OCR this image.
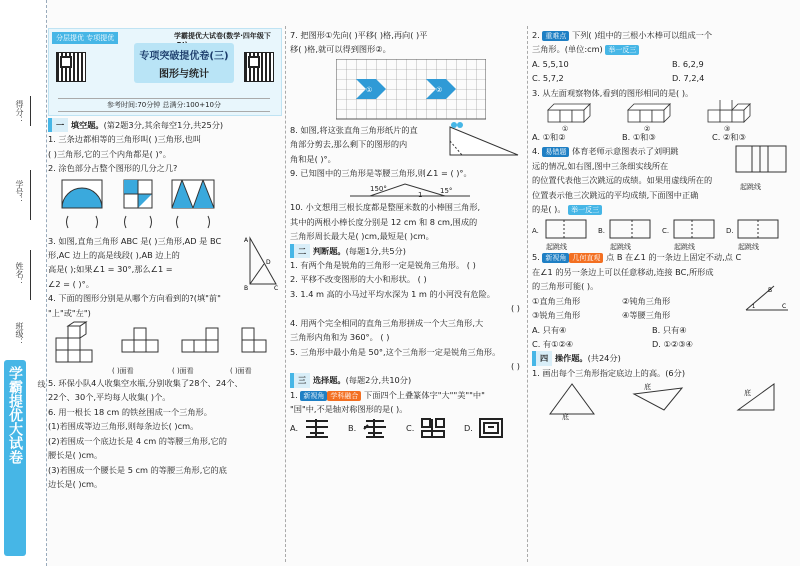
得分：
学号：
姓名：
班级：
线
学霸提优大试卷
分层提优 专项提优	学霸提优大试卷(数学·四年级下
专项突破提优卷(三)
图形与统计
参考时间:70分钟 总满分:100+10分
一 填空题。(第2题3分,其余每空1分,共25分)
1. 三条边都相等的三角形叫( )三角形,也叫
( )三角形,它的三个内角都是( )°。
2. 涂色部分占整个图形的几分之几?
3. 如图,直角三角形 ABC 是( )三角形,AD 是 BC
形,AC 边上的高是线段( ),AB 边上的
高是( );如果∠1 = 30°,那么∠1 =
∠2 = ( )°。
A
B	C
D
4. 下面的图形分别是从哪个方向看到的?(填"前"
"上"或"左")
( )面看	( )面看	( )面看
5. 环保小队4人收集空水瓶,分别收集了28个、24个、
22个、30个,平均每人收集( )个。
6. 用一根长 18 cm 的铁丝围成一个三角形。
(1)若围成等边三角形,则每条边长( )cm。
(2)若围成一个底边长是 4 cm 的等腰三角形,它的
腰长是( )cm。
(3)若围成一个腰长是 5 cm 的等腰三角形,它的底
边长是( )cm。
7. 把图形①先向( )平移( )格,再向( )平
移( )格,就可以得到图形②。
①	②
8. 如图,将这张直角三角形纸片的直
角部分剪去,那么剩下的图形的内
角和是( )°。
9. 已知图中的三角形是等腰三角形,则∠1 = ( )°。
150°
1	15°
10. 小文想用三根长度都是整厘米数的小棒围三角形,
其中的两根小棒长度分别是 12 cm 和 8 cm,围成的
三角形周长最大是( )cm,最短是( )cm。
二 判断题。(每题1分,共5分)
1. 有两个角是锐角的三角形一定是锐角三角形。 ( )
2. 平移不改变图形的大小和形状。 ( )
3. 1.4 m 高的小马过平均水深为 1 m 的小河没有危险。
( )
4. 用两个完全相同的直角三角形拼成一个大三角形,大
三角形内角和为 360°。 ( )
5. 三角形中最小角是 50°,这个三角形一定是锐角三角形。
( )
三 选择题。(每题2分,共10分)
1. 新视角 学科融合 下面四个上叠篆体字"大""美""中"
"国"中,不是轴对称图形的是( )。
A.	B.	C.	D.
2. 重难点 下列( )组中的三根小木棒可以组成一个
三角形。(单位:cm) 举一反三
A. 5,5,10	B. 6,2,9
C. 5,7,2	D. 7,2,4
3. 从左面观察物体,看到的图形相同的是( )。
①	②	③
A. ①和②	B. ①和③	C. ②和③
4. 易错题 体育老师示意图表示了刘明跳
远的情况,如右图,图中三条细实线所在
的位置代表他三次跳远的成绩。如果用虚线所在的
位置表示他三次跳远的平均成绩,下面图中正确
的是( )。 举一反三
起跳线
A.	B.	C.	D.
起跳线	起跳线	起跳线	起跳线
5. 新视角 几何直观 点 B 在∠1 的一条边上固定不动,点 C
在∠1 的另一条边上可以任意移动,连接 BC,所形成
的三角形可能( )。
①直角三角形	②钝角三角形
③锐角三角形	④等腰三角形
A. 只有④	B. 只有④
C. 有①②④	D. ①②③④
B
1	C
四 操作题。(共24分)
1. 画出每个三角形指定底边上的高。(6分)
底
底
底
